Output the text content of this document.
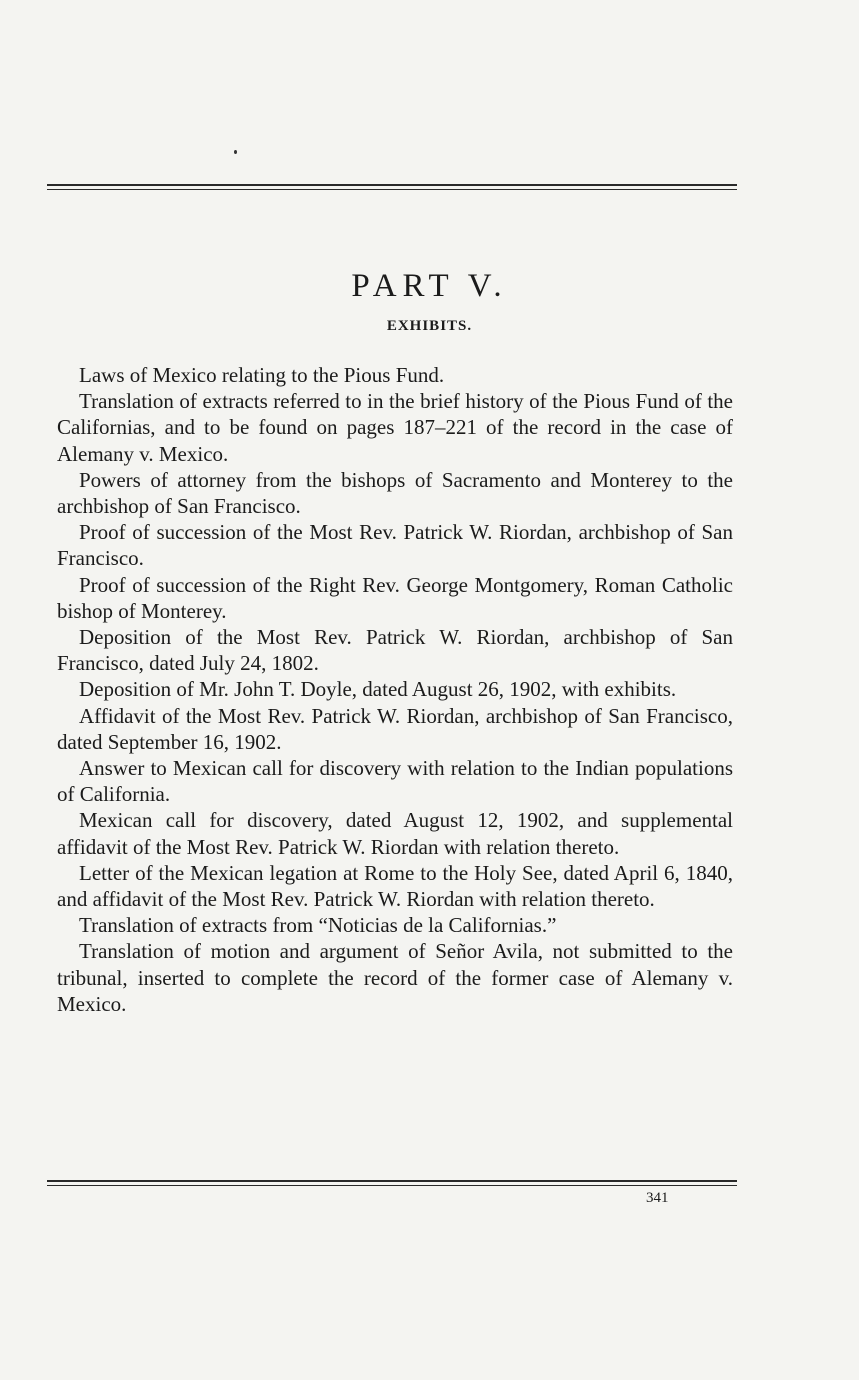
PART V.
EXHIBITS.
Laws of Mexico relating to the Pious Fund.
Translation of extracts referred to in the brief history of the Pious Fund of the Californias, and to be found on pages 187–221 of the record in the case of Alemany v. Mexico.
Powers of attorney from the bishops of Sacramento and Monterey to the archbishop of San Francisco.
Proof of succession of the Most Rev. Patrick W. Riordan, archbishop of San Francisco.
Proof of succession of the Right Rev. George Montgomery, Roman Catholic bishop of Monterey.
Deposition of the Most Rev. Patrick W. Riordan, archbishop of San Francisco, dated July 24, 1802.
Deposition of Mr. John T. Doyle, dated August 26, 1902, with exhibits.
Affidavit of the Most Rev. Patrick W. Riordan, archbishop of San Francisco, dated September 16, 1902.
Answer to Mexican call for discovery with relation to the Indian populations of California.
Mexican call for discovery, dated August 12, 1902, and supplemental affidavit of the Most Rev. Patrick W. Riordan with relation thereto.
Letter of the Mexican legation at Rome to the Holy See, dated April 6, 1840, and affidavit of the Most Rev. Patrick W. Riordan with relation thereto.
Translation of extracts from “Noticias de la Californias.”
Translation of motion and argument of Señor Avila, not submitted to the tribunal, inserted to complete the record of the former case of Alemany v. Mexico.
341
